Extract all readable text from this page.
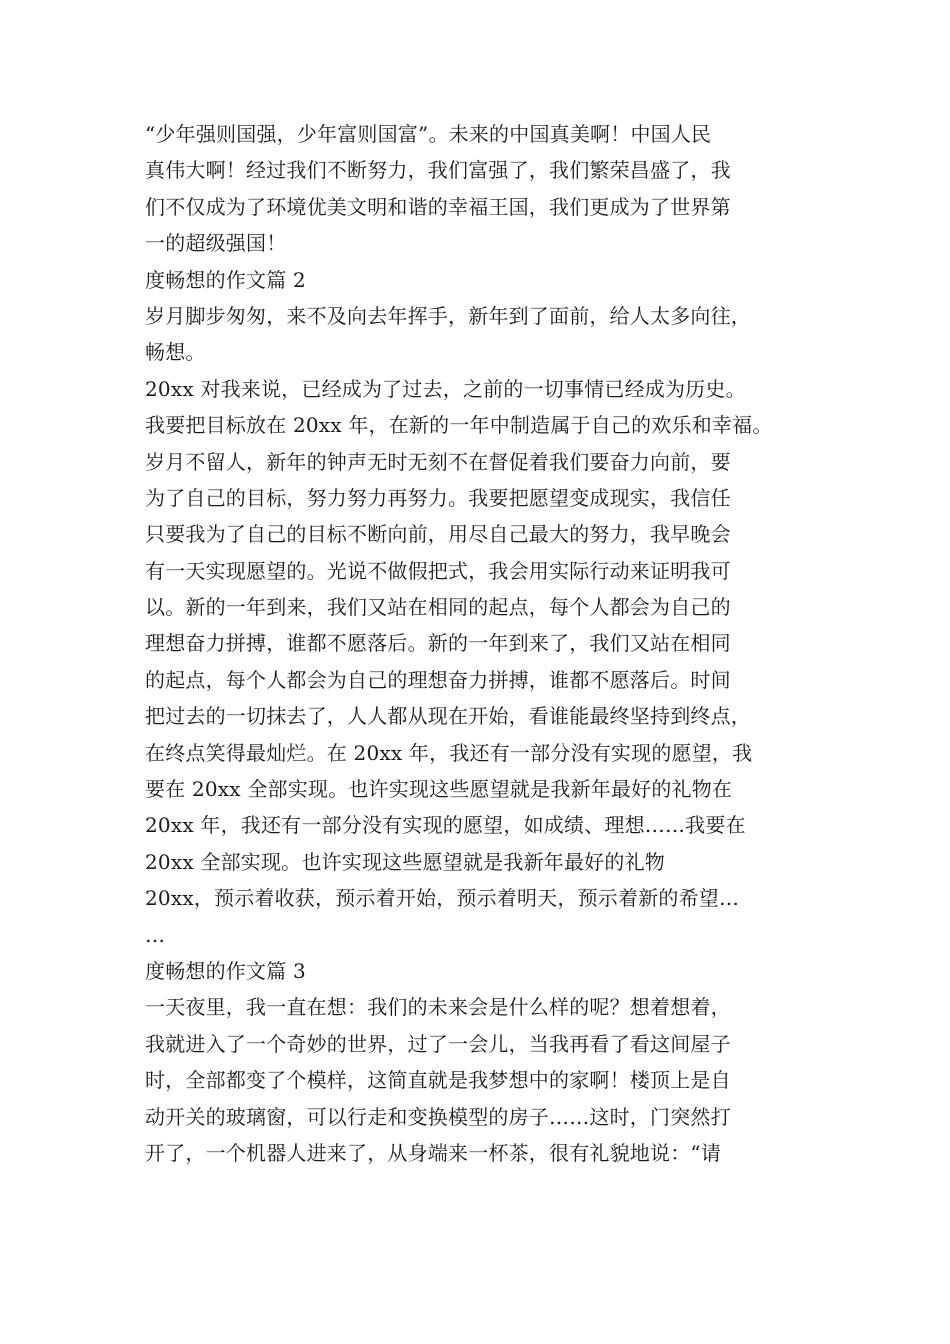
“少年强则国强，少年富则国富”。未来的中国真美啊！中国人民
真伟大啊！经过我们不断努力，我们富强了，我们繁荣昌盛了，我
们不仅成为了环境优美文明和谐的幸福王国，我们更成为了世界第
一的超级强国！
度畅想的作文篇 2
岁月脚步匆匆，来不及向去年挥手，新年到了面前，给人太多向往，
畅想。
20xx 对我来说，已经成为了过去，之前的一切事情已经成为历史。
我要把目标放在 20xx 年，在新的一年中制造属于自己的欢乐和幸福。
岁月不留人，新年的钟声无时无刻不在督促着我们要奋力向前，要
为了自己的目标，努力努力再努力。我要把愿望变成现实，我信任
只要我为了自己的目标不断向前，用尽自己最大的努力，我早晚会
有一天实现愿望的。光说不做假把式，我会用实际行动来证明我可
以。新的一年到来，我们又站在相同的起点，每个人都会为自己的
理想奋力拼搏，谁都不愿落后。新的一年到来了，我们又站在相同
的起点，每个人都会为自己的理想奋力拼搏，谁都不愿落后。时间
把过去的一切抹去了，人人都从现在开始，看谁能最终坚持到终点，
在终点笑得最灿烂。在 20xx 年，我还有一部分没有实现的愿望，我
要在 20xx 全部实现。也许实现这些愿望就是我新年最好的礼物在
20xx 年，我还有一部分没有实现的愿望，如成绩、理想……我要在
20xx 全部实现。也许实现这些愿望就是我新年最好的礼物
20xx，预示着收获，预示着开始，预示着明天，预示着新的希望…
…
度畅想的作文篇 3
一天夜里，我一直在想：我们的未来会是什么样的呢？想着想着，
我就进入了一个奇妙的世界，过了一会儿，当我再看了看这间屋子
时，全部都变了个模样，这简直就是我梦想中的家啊！楼顶上是自
动开关的玻璃窗，可以行走和变换模型的房子……这时，门突然打
开了，一个机器人进来了，从身端来一杯茶，很有礼貌地说：“请
